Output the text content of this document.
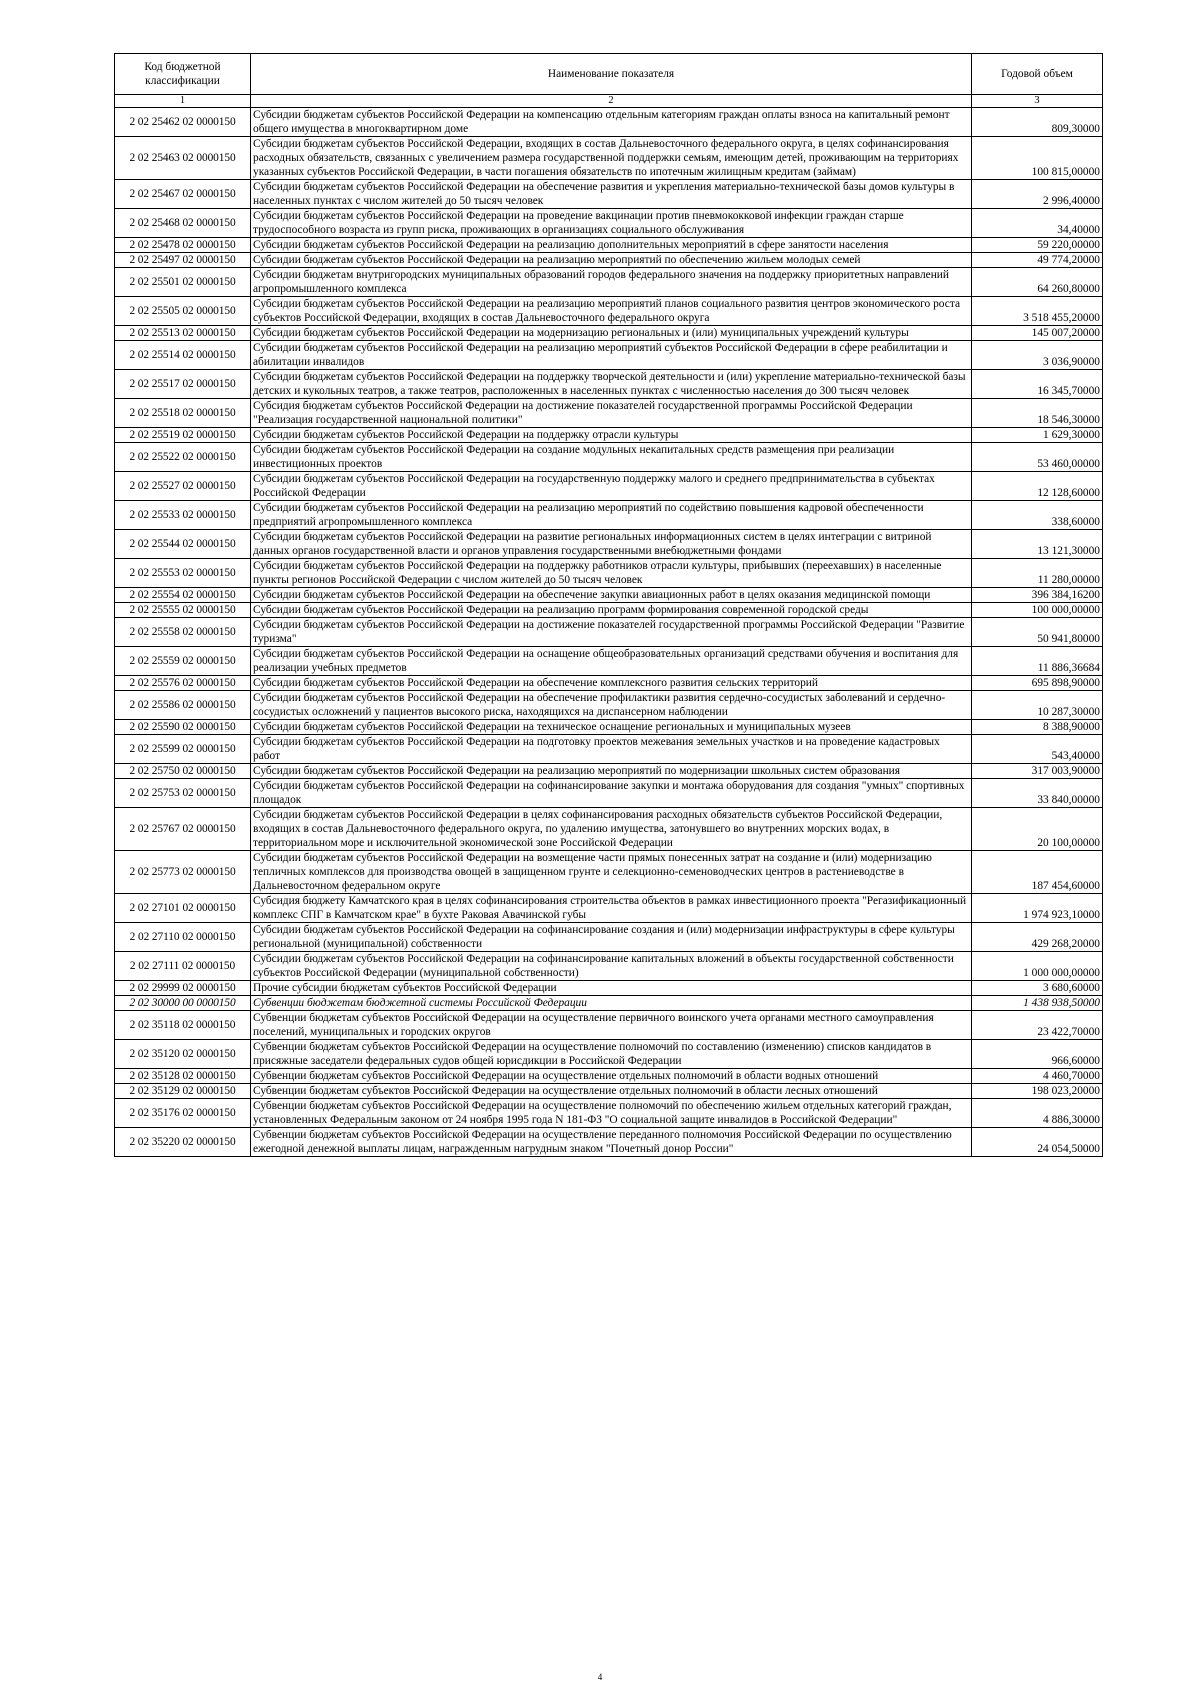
Код бюджетной классификации	Наименование показателя	Годовой объем
1	2	3
2 02 25462 02 0000150	Субсидии бюджетам субъектов Российской Федерации на компенсацию отдельным категориям граждан оплаты взноса на капитальный ремонт общего имущества в многоквартирном доме	809,30000
2 02 25463 02 0000150	Субсидии бюджетам субъектов Российской Федерации, входящих в состав Дальневосточного федерального округа, в целях софинансирования расходных обязательств, связанных с увеличением размера государственной поддержки семьям, имеющим детей, проживающим на территориях указанных субъектов Российской Федерации, в части погашения обязательств по ипотечным жилищным кредитам (займам)	100 815,00000
2 02 25467 02 0000150	Субсидии бюджетам субъектов Российской Федерации на обеспечение развития и укрепления материально-технической базы домов культуры в населенных пунктах с числом жителей до 50 тысяч человек	2 996,40000
2 02 25468 02 0000150	Субсидии бюджетам субъектов Российской Федерации на проведение вакцинации против пневмококковой инфекции граждан старше трудоспособного возраста из групп риска, проживающих в организациях социального обслуживания	34,40000
2 02 25478 02 0000150	Субсидии бюджетам субъектов Российской Федерации на реализацию дополнительных мероприятий в сфере занятости населения	59 220,00000
2 02 25497 02 0000150	Субсидии бюджетам субъектов Российской Федерации на реализацию мероприятий по обеспечению жильем молодых семей	49 774,20000
2 02 25501 02 0000150	Субсидии бюджетам внутригородских муниципальных образований городов федерального значения на поддержку приоритетных направлений агропромышленного комплекса	64 260,80000
2 02 25505 02 0000150	Субсидии бюджетам субъектов Российской Федерации на реализацию мероприятий планов социального развития центров экономического роста субъектов Российской Федерации, входящих в состав Дальневосточного федерального округа	3 518 455,20000
2 02 25513 02 0000150	Субсидии бюджетам субъектов Российской Федерации на модернизацию региональных и (или) муниципальных учреждений культуры	145 007,20000
2 02 25514 02 0000150	Субсидии бюджетам субъектов Российской Федерации на реализацию мероприятий субъектов Российской Федерации в сфере реабилитации и абилитации инвалидов	3 036,90000
2 02 25517 02 0000150	Субсидии бюджетам субъектов Российской Федерации на поддержку творческой деятельности и (или) укрепление материально-технической базы детских и кукольных театров, а также театров, расположенных в населенных пунктах с численностью населения до 300 тысяч человек	16 345,70000
2 02 25518 02 0000150	Субсидия бюджетам субъектов Российской Федерации на достижение показателей государственной программы Российской Федерации "Реализация государственной национальной политики"	18 546,30000
2 02 25519 02 0000150	Субсидии бюджетам субъектов Российской Федерации на поддержку отрасли культуры	1 629,30000
2 02 25522 02 0000150	Субсидии бюджетам субъектов Российской Федерации на создание модульных некапитальных средств размещения при реализации инвестиционных проектов	53 460,00000
2 02 25527 02 0000150	Субсидии бюджетам субъектов Российской Федерации на государственную поддержку малого и среднего предпринимательства в субъектах Российской Федерации	12 128,60000
2 02 25533 02 0000150	Субсидии бюджетам субъектов Российской Федерации на реализацию мероприятий по содействию повышения кадровой обеспеченности предприятий агропромышленного комплекса	338,60000
2 02 25544 02 0000150	Субсидии бюджетам субъектов Российской Федерации на развитие региональных информационных систем в целях интеграции с витриной данных органов государственной власти и органов управления государственными внебюджетными фондами	13 121,30000
2 02 25553 02 0000150	Субсидии бюджетам субъектов Российской Федерации на поддержку работников отрасли культуры, прибывших (переехавших) в населенные пункты регионов Российской Федерации с числом жителей до 50 тысяч человек	11 280,00000
2 02 25554 02 0000150	Субсидии бюджетам субъектов Российской Федерации на обеспечение закупки авиационных работ в целях оказания медицинской помощи	396 384,16200
2 02 25555 02 0000150	Субсидии бюджетам субъектов Российской Федерации на реализацию программ формирования современной городской среды	100 000,00000
2 02 25558 02 0000150	Субсидии бюджетам субъектов Российской Федерации на достижение показателей государственной программы Российской Федерации "Развитие туризма"	50 941,80000
2 02 25559 02 0000150	Субсидии бюджетам субъектов Российской Федерации на оснащение общеобразовательных организаций средствами обучения и воспитания для реализации учебных предметов	11 886,36684
2 02 25576 02 0000150	Субсидии бюджетам субъектов Российской Федерации на обеспечение комплексного развития сельских территорий	695 898,90000
2 02 25586 02 0000150	Субсидии бюджетам субъектов Российской Федерации на обеспечение профилактики развития сердечно-сосудистых заболеваний и сердечно-сосудистых осложнений у пациентов высокого риска, находящихся на диспансерном наблюдении	10 287,30000
2 02 25590 02 0000150	Субсидии бюджетам субъектов Российской Федерации на техническое оснащение региональных и муниципальных музеев	8 388,90000
2 02 25599 02 0000150	Субсидии бюджетам субъектов Российской Федерации на подготовку проектов межевания земельных участков и на проведение кадастровых работ	543,40000
2 02 25750 02 0000150	Субсидии бюджетам субъектов Российской Федерации на реализацию мероприятий по модернизации школьных систем образования	317 003,90000
2 02 25753 02 0000150	Субсидии бюджетам субъектов Российской Федерации на софинансирование закупки и монтажа оборудования для создания "умных" спортивных площадок	33 840,00000
2 02 25767 02 0000150	Субсидии бюджетам субъектов Российской Федерации в целях софинансирования расходных обязательств субъектов Российской Федерации, входящих в состав Дальневосточного федерального округа, по удалению имущества, затонувшего во внутренних морских водах, в территориальном море и исключительной экономической зоне Российской Федерации	20 100,00000
2 02 25773 02 0000150	Субсидии бюджетам субъектов Российской Федерации на возмещение части прямых понесенных затрат на создание и (или) модернизацию тепличных комплексов для производства овощей в защищенном грунте и селекционно-семеноводческих центров в растениеводстве в Дальневосточном федеральном округе	187 454,60000
2 02 27101 02 0000150	Субсидия бюджету Камчатского края в целях софинансирования строительства объектов в рамках инвестиционного проекта "Регазификационный комплекс СПГ в Камчатском крае" в бухте Раковая Авачинской губы	1 974 923,10000
2 02 27110 02 0000150	Субсидии бюджетам субъектов Российской Федерации на софинансирование создания и (или) модернизации инфраструктуры в сфере культуры региональной (муниципальной) собственности	429 268,20000
2 02 27111 02 0000150	Субсидии бюджетам субъектов Российской Федерации на софинансирование капитальных вложений в объекты государственной собственности субъектов Российской Федерации (муниципальной собственности)	1 000 000,00000
2 02 29999 02 0000150	Прочие субсидии бюджетам субъектов Российской Федерации	3 680,60000
2 02 30000 00 0000150	Субвенции бюджетам бюджетной системы Российской Федерации	1 438 938,50000
2 02 35118 02 0000150	Субвенции бюджетам субъектов Российской Федерации на осуществление первичного воинского учета органами местного самоуправления поселений, муниципальных и городских округов	23 422,70000
2 02 35120 02 0000150	Субвенции бюджетам субъектов Российской Федерации на осуществление полномочий по составлению (изменению) списков кандидатов в присяжные заседатели федеральных судов общей юрисдикции в Российской Федерации	966,60000
2 02 35128 02 0000150	Субвенции бюджетам субъектов Российской Федерации на осуществление отдельных полномочий в области водных отношений	4 460,70000
2 02 35129 02 0000150	Субвенции бюджетам субъектов Российской Федерации на осуществление отдельных полномочий в области лесных отношений	198 023,20000
2 02 35176 02 0000150	Субвенции бюджетам субъектов Российской Федерации на осуществление полномочий по обеспечению жильем отдельных категорий граждан, установленных Федеральным законом от 24 ноября 1995 года N 181-ФЗ "О социальной защите инвалидов в Российской Федерации"	4 886,30000
2 02 35220 02 0000150	Субвенции бюджетам субъектов Российской Федерации на осуществление переданного полномочия Российской Федерации по осуществлению ежегодной денежной выплаты лицам, награжденным нагрудным знаком "Почетный донор России"	24 054,50000
4
